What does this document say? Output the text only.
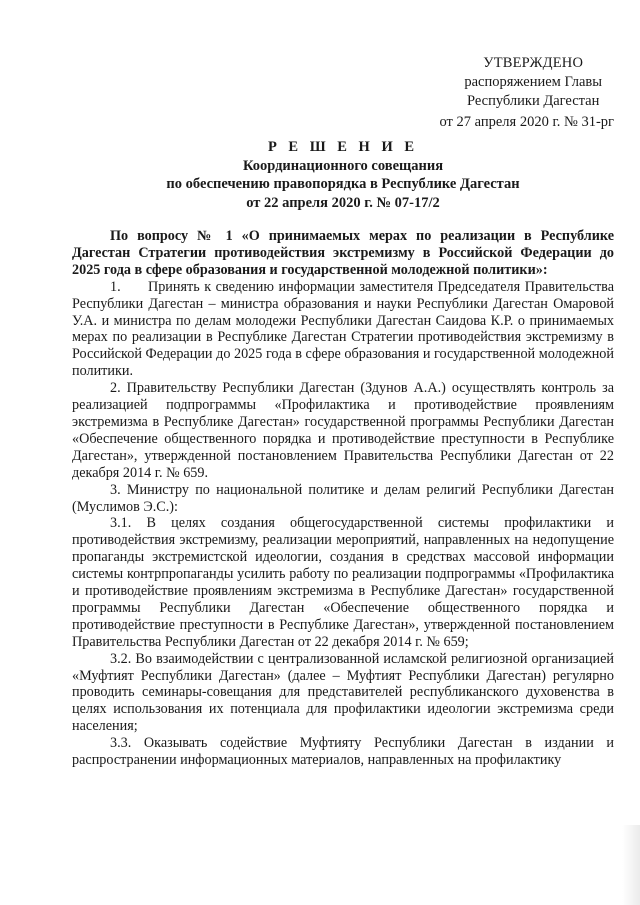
УТВЕРЖДЕНО
распоряжением Главы
Республики Дагестан
от 27 апреля 2020 г. № 31-рг
Р Е Ш Е Н И Е
Координационного совещания
по обеспечению правопорядка в Республике Дагестан
от 22 апреля 2020 г. № 07-17/2

По вопросу № 1 «О принимаемых мерах по реализации в Республике Дагестан Стратегии противодействия экстремизму в Российской Федерации до 2025 года в сфере образования и государственной молодежной политики»:

1.      Принять к сведению информации заместителя Председателя Правительства Республики Дагестан – министра образования и науки Республики Дагестан Омаровой У.А. и министра по делам молодежи Республики Дагестан Саидова К.Р. о принимаемых мерах по реализации в Республике Дагестан Стратегии противодействия экстремизму в Российской Федерации до 2025 года в сфере образования и государственной молодежной политики.

2. Правительству Республики Дагестан (Здунов А.А.) осуществлять контроль за реализацией подпрограммы «Профилактика и противодействие проявлениям экстремизма в Республике Дагестан» государственной программы Республики Дагестан «Обеспечение общественного порядка и противодействие преступности в Республике Дагестан», утвержденной постановлением Правительства Республики Дагестан от 22 декабря 2014 г. № 659.

3. Министру по национальной политике и делам религий Республики Дагестан (Муслимов Э.С.):

3.1. В целях создания общегосударственной системы профилактики и противодействия экстремизму, реализации мероприятий, направленных на недопущение пропаганды экстремистской идеологии, создания в средствах массовой информации системы контрпропаганды усилить работу по реализации подпрограммы «Профилактика и противодействие проявлениям экстремизма в Республике Дагестан» государственной программы Республики Дагестан «Обеспечение общественного порядка и противодействие преступности в Республике Дагестан», утвержденной постановлением Правительства Республики Дагестан от 22 декабря 2014 г. № 659;

3.2. Во взаимодействии с централизованной исламской религиозной организацией «Муфтият Республики Дагестан» (далее – Муфтият Республики Дагестан) регулярно проводить семинары-совещания для представителей республиканского духовенства в целях использования их потенциала для профилактики идеологии экстремизма среди населения;

3.3. Оказывать содействие Муфтияту Республики Дагестан в издании и распространении информационных материалов, направленных на профилактику
